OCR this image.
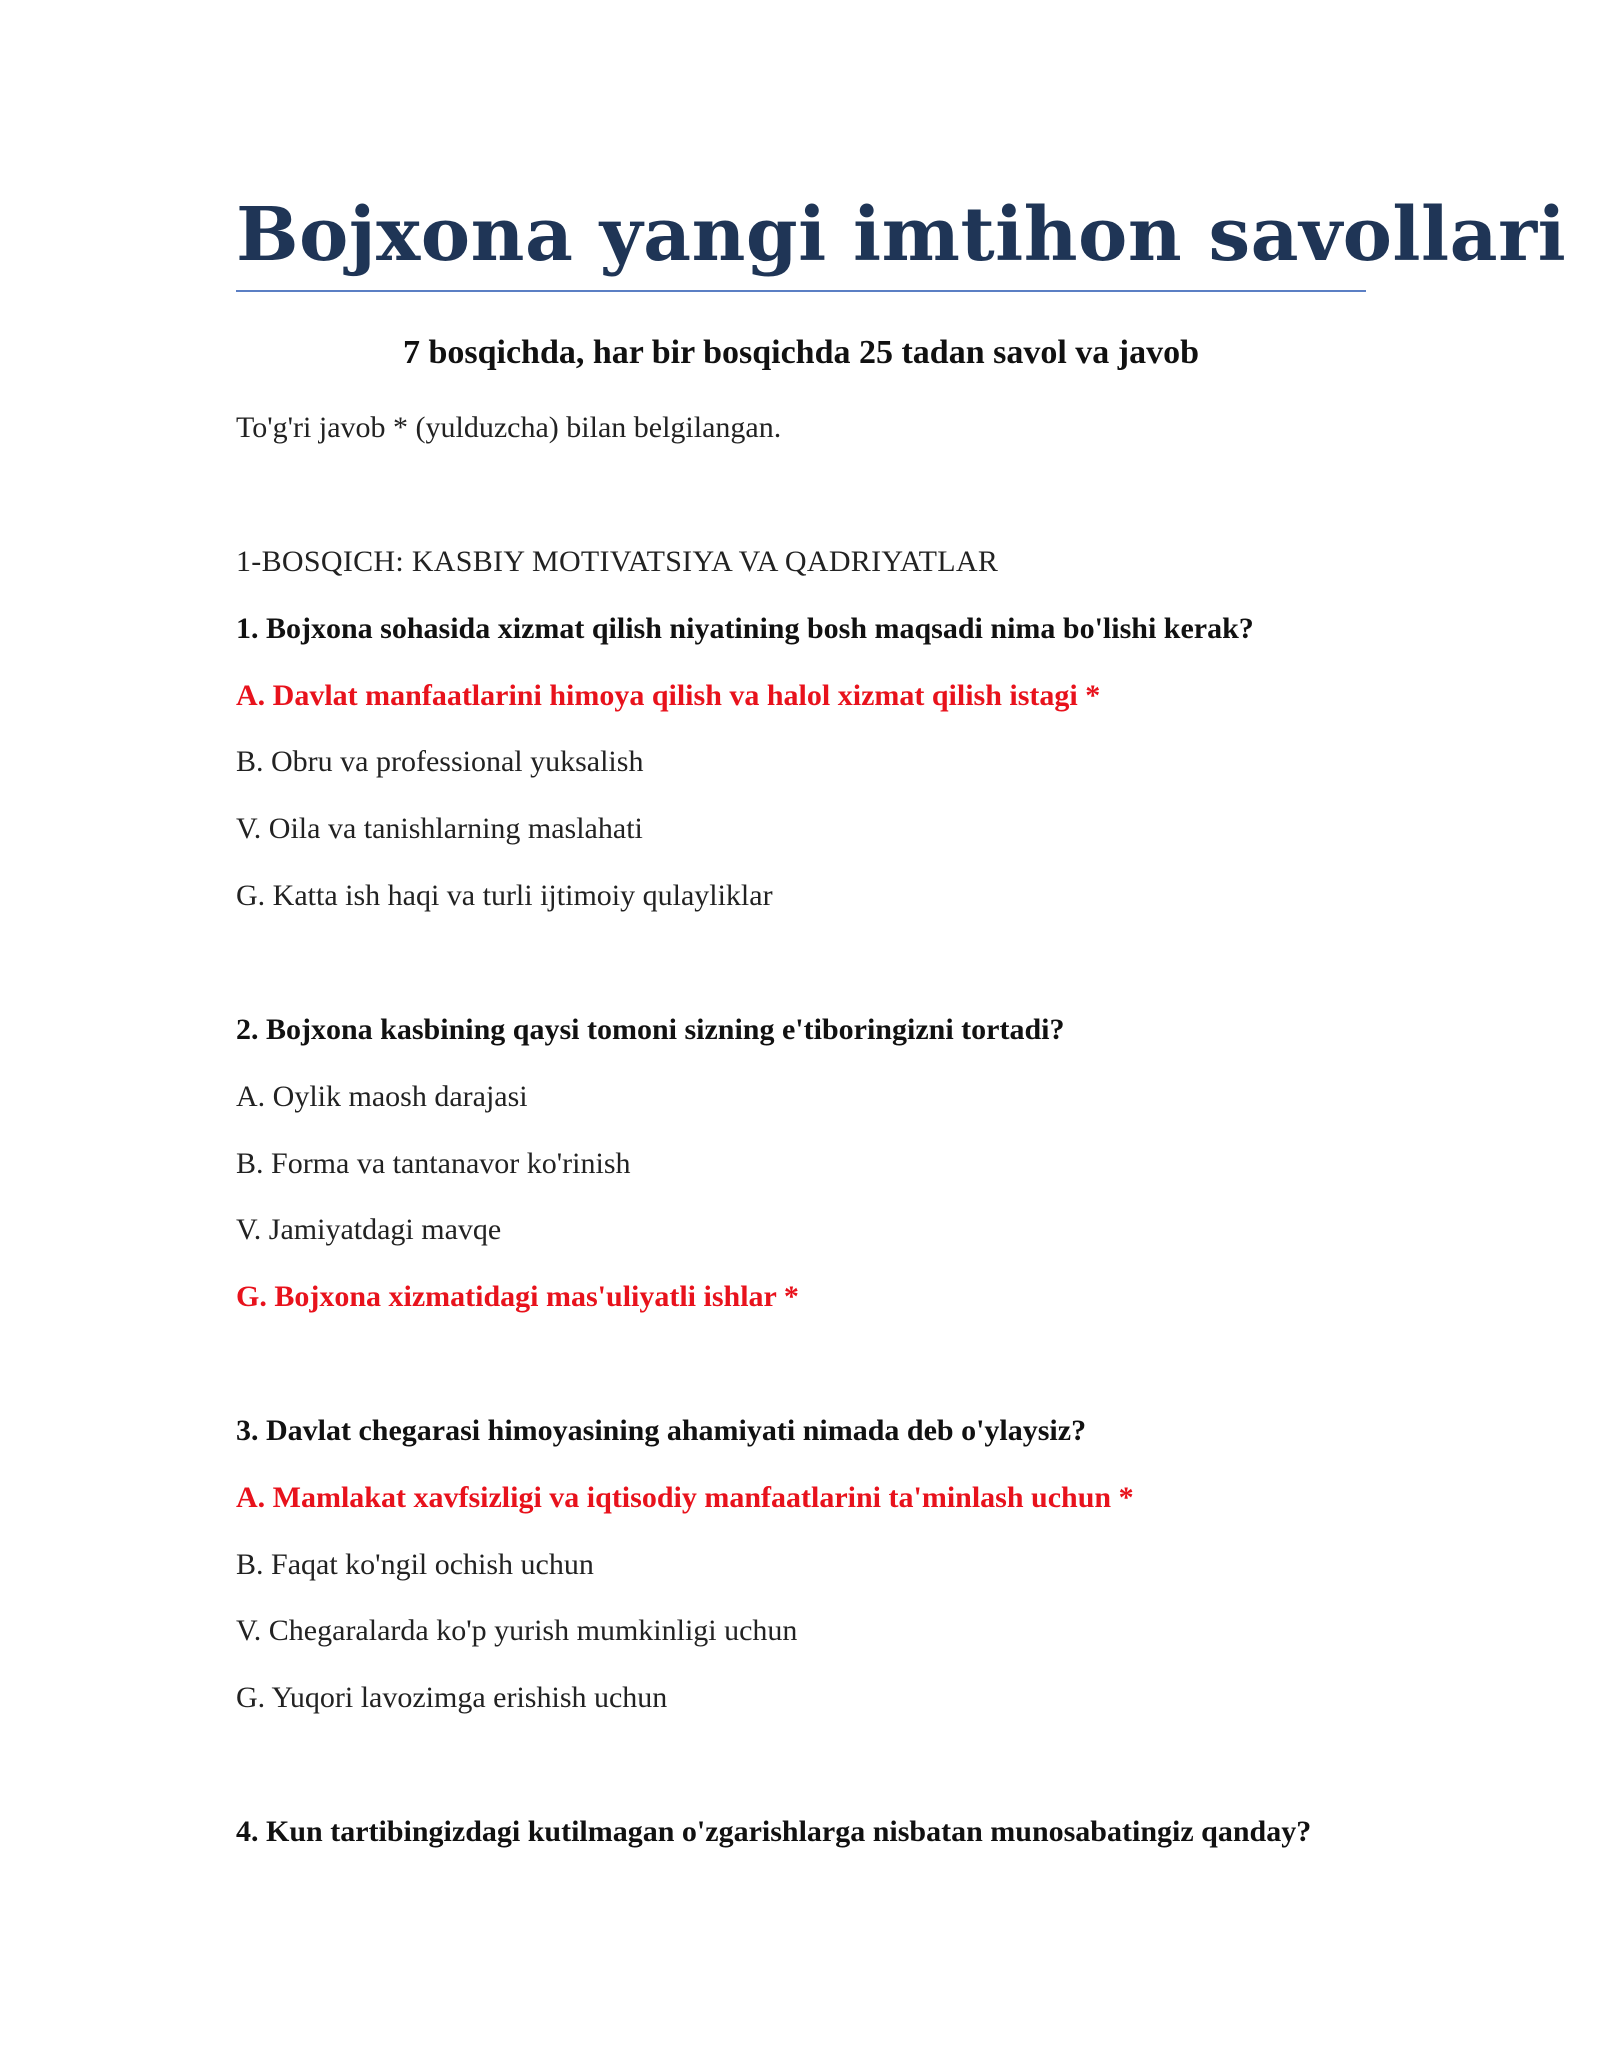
Bojxona yangi imtihon savollari
7 bosqichda, har bir bosqichda 25 tadan savol va javob
To'g'ri javob * (yulduzcha) bilan belgilangan.
1-BOSQICH: KASBIY MOTIVATSIYA VA QADRIYATLAR
1. Bojxona sohasida xizmat qilish niyatining bosh maqsadi nima bo'lishi kerak?
A. Davlat manfaatlarini himoya qilish va halol xizmat qilish istagi *
B. Obru va professional yuksalish
V. Oila va tanishlarning maslahati
G. Katta ish haqi va turli ijtimoiy qulayliklar
2. Bojxona kasbining qaysi tomoni sizning e'tiboringizni tortadi?
A. Oylik maosh darajasi
B. Forma va tantanavor ko'rinish
V. Jamiyatdagi mavqe
G. Bojxona xizmatidagi mas'uliyatli ishlar *
3. Davlat chegarasi himoyasining ahamiyati nimada deb o'ylaysiz?
A. Mamlakat xavfsizligi va iqtisodiy manfaatlarini ta'minlash uchun *
B. Faqat ko'ngil ochish uchun
V. Chegaralarda ko'p yurish mumkinligi uchun
G. Yuqori lavozimga erishish uchun
4. Kun tartibingizdagi kutilmagan o'zgarishlarga nisbatan munosabatingiz qanday?
